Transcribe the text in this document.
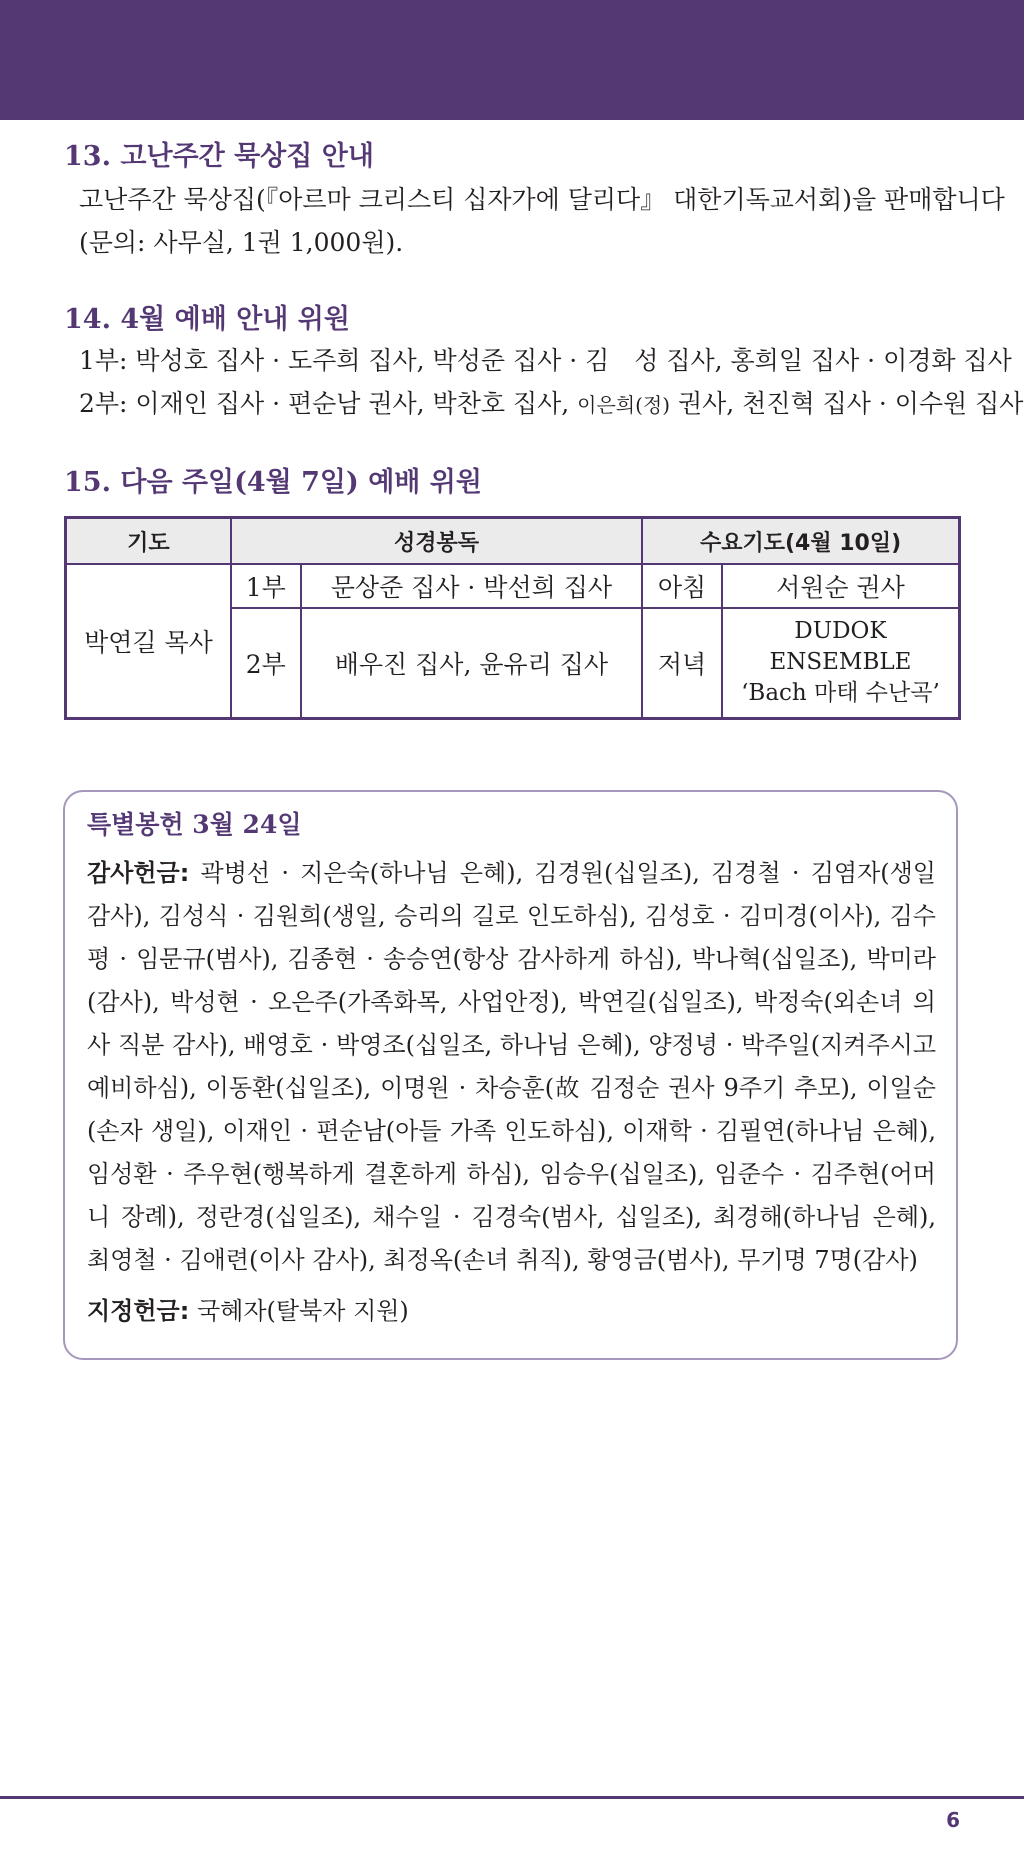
13. 고난주간 묵상집 안내

고난주간 묵상집(『아르마 크리스티 십자가에 달리다』 대한기독교서회)을 판매합니다

(문의: 사무실, 1권 1,000원).

14. 4월 예배 안내 위원

1부: 박성호 집사 · 도주희 집사, 박성준 집사 · 김　성 집사, 홍희일 집사 · 이경화 집사

2부: 이재인 집사 · 편순남 권사, 박찬호 집사, 이은희(정) 권사, 천진혁 집사 · 이수원 집사

15. 다음 주일(4월 7일) 예배 위원
기도	성경봉독		수요기도(4월 10일)	
박연길 목사	1부	문상준 집사 · 박선희 집사	아침	서원순 권사
	2부	배우진 집사, 윤유리 집사	저녁	DUDOK ENSEMBLE
‘Bach 마태 수난곡’
특별봉헌 3월 24일

감사헌금: 곽병선 · 지은숙(하나님 은혜), 김경원(십일조), 김경철 · 김염자(생일 감사), 김성식 · 김원희(생일, 승리의 길로 인도하심), 김성호 · 김미경(이사), 김수평 · 임문규(범사), 김종현 · 송승연(항상 감사하게 하심), 박나혁(십일조), 박미라(감사), 박성현 · 오은주(가족화목, 사업안정), 박연길(십일조), 박정숙(외손녀 의사 직분 감사), 배영호 · 박영조(십일조, 하나님 은혜), 양정녕 · 박주일(지켜주시고 예비하심), 이동환(십일조), 이명원 · 차승훈(故 김정순 권사 9주기 추모), 이일순(손자 생일), 이재인 · 편순남(아들 가족 인도하심), 이재학 · 김필연(하나님 은혜), 임성환 · 주우현(행복하게 결혼하게 하심), 임승우(십일조), 임준수 · 김주현(어머니 장례), 정란경(십일조), 채수일 · 김경숙(범사, 십일조), 최경해(하나님 은혜), 최영철 · 김애련(이사 감사), 최정옥(손녀 취직), 황영금(범사), 무기명 7명(감사)

지정헌금: 국혜자(탈북자 지원)

6
